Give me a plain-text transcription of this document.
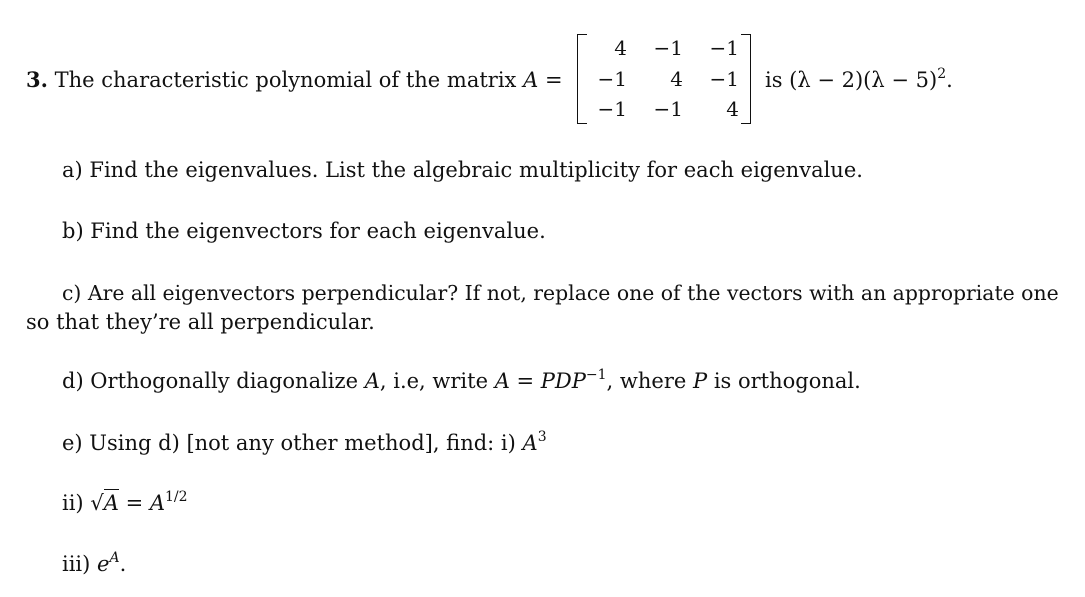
3. The characteristic polynomial of the matrix A =
4	−1	−1
−1	4	−1
−1	−1	4
is $(\lambda - 2)(\lambda - 5)^2$.
a) Find the eigenvalues. List the algebraic multiplicity for each eigenvalue.
b) Find the eigenvectors for each eigenvalue.
c) Are all eigenvectors perpendicular? If not, replace one of the vectors with an appropriate one
so that they’re all perpendicular.
d) Orthogonally diagonalize A, i.e, write $A = PDP^{-1}$, where P is orthogonal.
e) Using d) [not any other method], find: i) $A^3$
ii) $√A = A^{1/2}$
iii) $e^A$.
